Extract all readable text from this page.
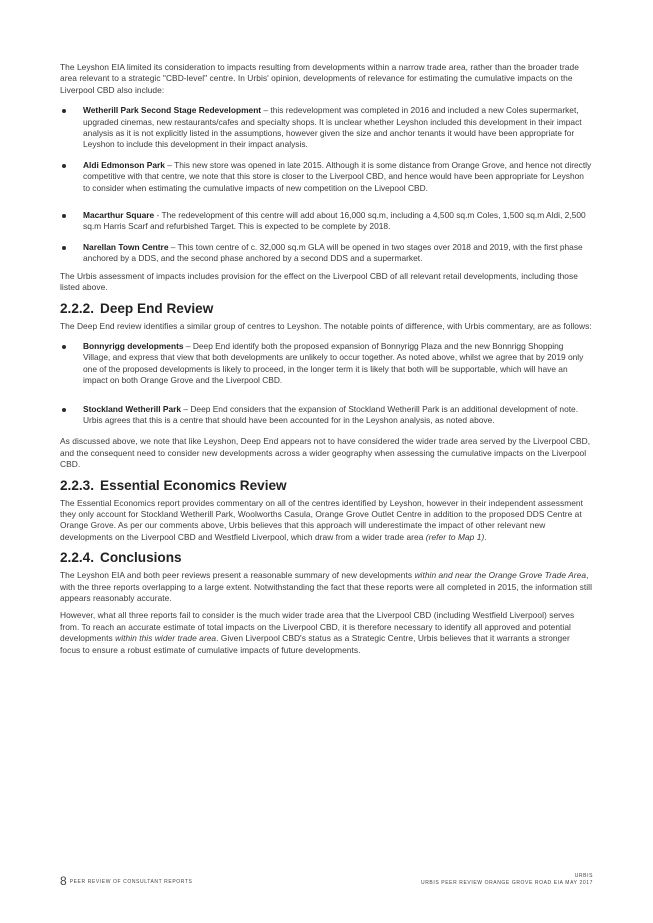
The Leyshon EIA limited its consideration to impacts resulting from developments within a narrow trade area, rather than the broader trade area relevant to a strategic "CBD-level" centre. In Urbis' opinion, developments of relevance for estimating the cumulative impacts on the Liverpool CBD also include:

Wetherill Park Second Stage Redevelopment – this redevelopment was completed in 2016 and included a new Coles supermarket, upgraded cinemas, new restaurants/cafes and specialty shops. It is unclear whether Leyshon included this development in their impact analysis as it is not explicitly listed in the assumptions, however given the size and anchor tenants it would have been appropriate for Leyshon to include this development in their impact analysis.
Aldi Edmonson Park – This new store was opened in late 2015. Although it is some distance from Orange Grove, and hence not directly competitive with that centre, we note that this store is closer to the Liverpool CBD, and hence would have been appropriate for Leyshon to consider when estimating the cumulative impacts of new competition on the Livepool CBD.
Macarthur Square - The redevelopment of this centre will add about 16,000 sq.m, including a 4,500 sq.m Coles, 1,500 sq.m Aldi, 2,500 sq.m Harris Scarf and refurbished Target. This is expected to be complete by 2018.
Narellan Town Centre – This town centre of c. 32,000 sq.m GLA will be opened in two stages over 2018 and 2019, with the first phase anchored by a DDS, and the second phase anchored by a second DDS and a supermarket.

The Urbis assessment of impacts includes provision for the effect on the Liverpool CBD of all relevant retail developments, including those listed above.

2.2.2. Deep End Review

The Deep End review identifies a similar group of centres to Leyshon. The notable points of difference, with Urbis commentary, are as follows:

Bonnyrigg developments – Deep End identify both the proposed expansion of Bonnyrigg Plaza and the new Bonnrigg Shopping Village, and express that view that both developments are unlikely to occur together. As noted above, whilst we agree that by 2019 only one of the proposed developments is likely to proceed, in the longer term it is likely that both will be supportable, which will have an impact on both Orange Grove and the Liverpool CBD.
Stockland Wetherill Park – Deep End considers that the expansion of Stockland Wetherill Park is an additional development of note. Urbis agrees that this is a centre that should have been accounted for in the Leyshon analysis, as noted above.

As discussed above, we note that like Leyshon, Deep End appears not to have considered the wider trade area served by the Liverpool CBD, and the consequent need to consider new developments across a wider geography when assessing the cumulative impacts on the Liverpool CBD.

2.2.3. Essential Economics Review

The Essential Economics report provides commentary on all of the centres identified by Leyshon, however in their independent assessment they only account for Stockland Wetherill Park, Woolworths Casula, Orange Grove Outlet Centre in addition to the proposed DDS Centre at Orange Grove. As per our comments above, Urbis believes that this approach will underestimate the impact of other relevant new developments on the Liverpool CBD and Westfield Liverpool, which draw from a wider trade area (refer to Map 1).

2.2.4. Conclusions

The Leyshon EIA and both peer reviews present a reasonable summary of new developments within and near the Orange Grove Trade Area, with the three reports overlapping to a large extent. Notwithstanding the fact that these reports were all completed in 2015, the information still appears reasonably accurate.

However, what all three reports fail to consider is the much wider trade area that the Liverpool CBD (including Westfield Liverpool) serves from. To reach an accurate estimate of total impacts on the Liverpool CBD, it is therefore necessary to identify all approved and potential developments within this wider trade area. Given Liverpool CBD's status as a Strategic Centre, Urbis believes that it warrants a stronger focus to ensure a robust estimate of cumulative impacts of future developments.

8 PEER REVIEW OF CONSULTANT REPORTS
URBIS
URBIS PEER REVIEW ORANGE GROVE ROAD EIA MAY 2017
